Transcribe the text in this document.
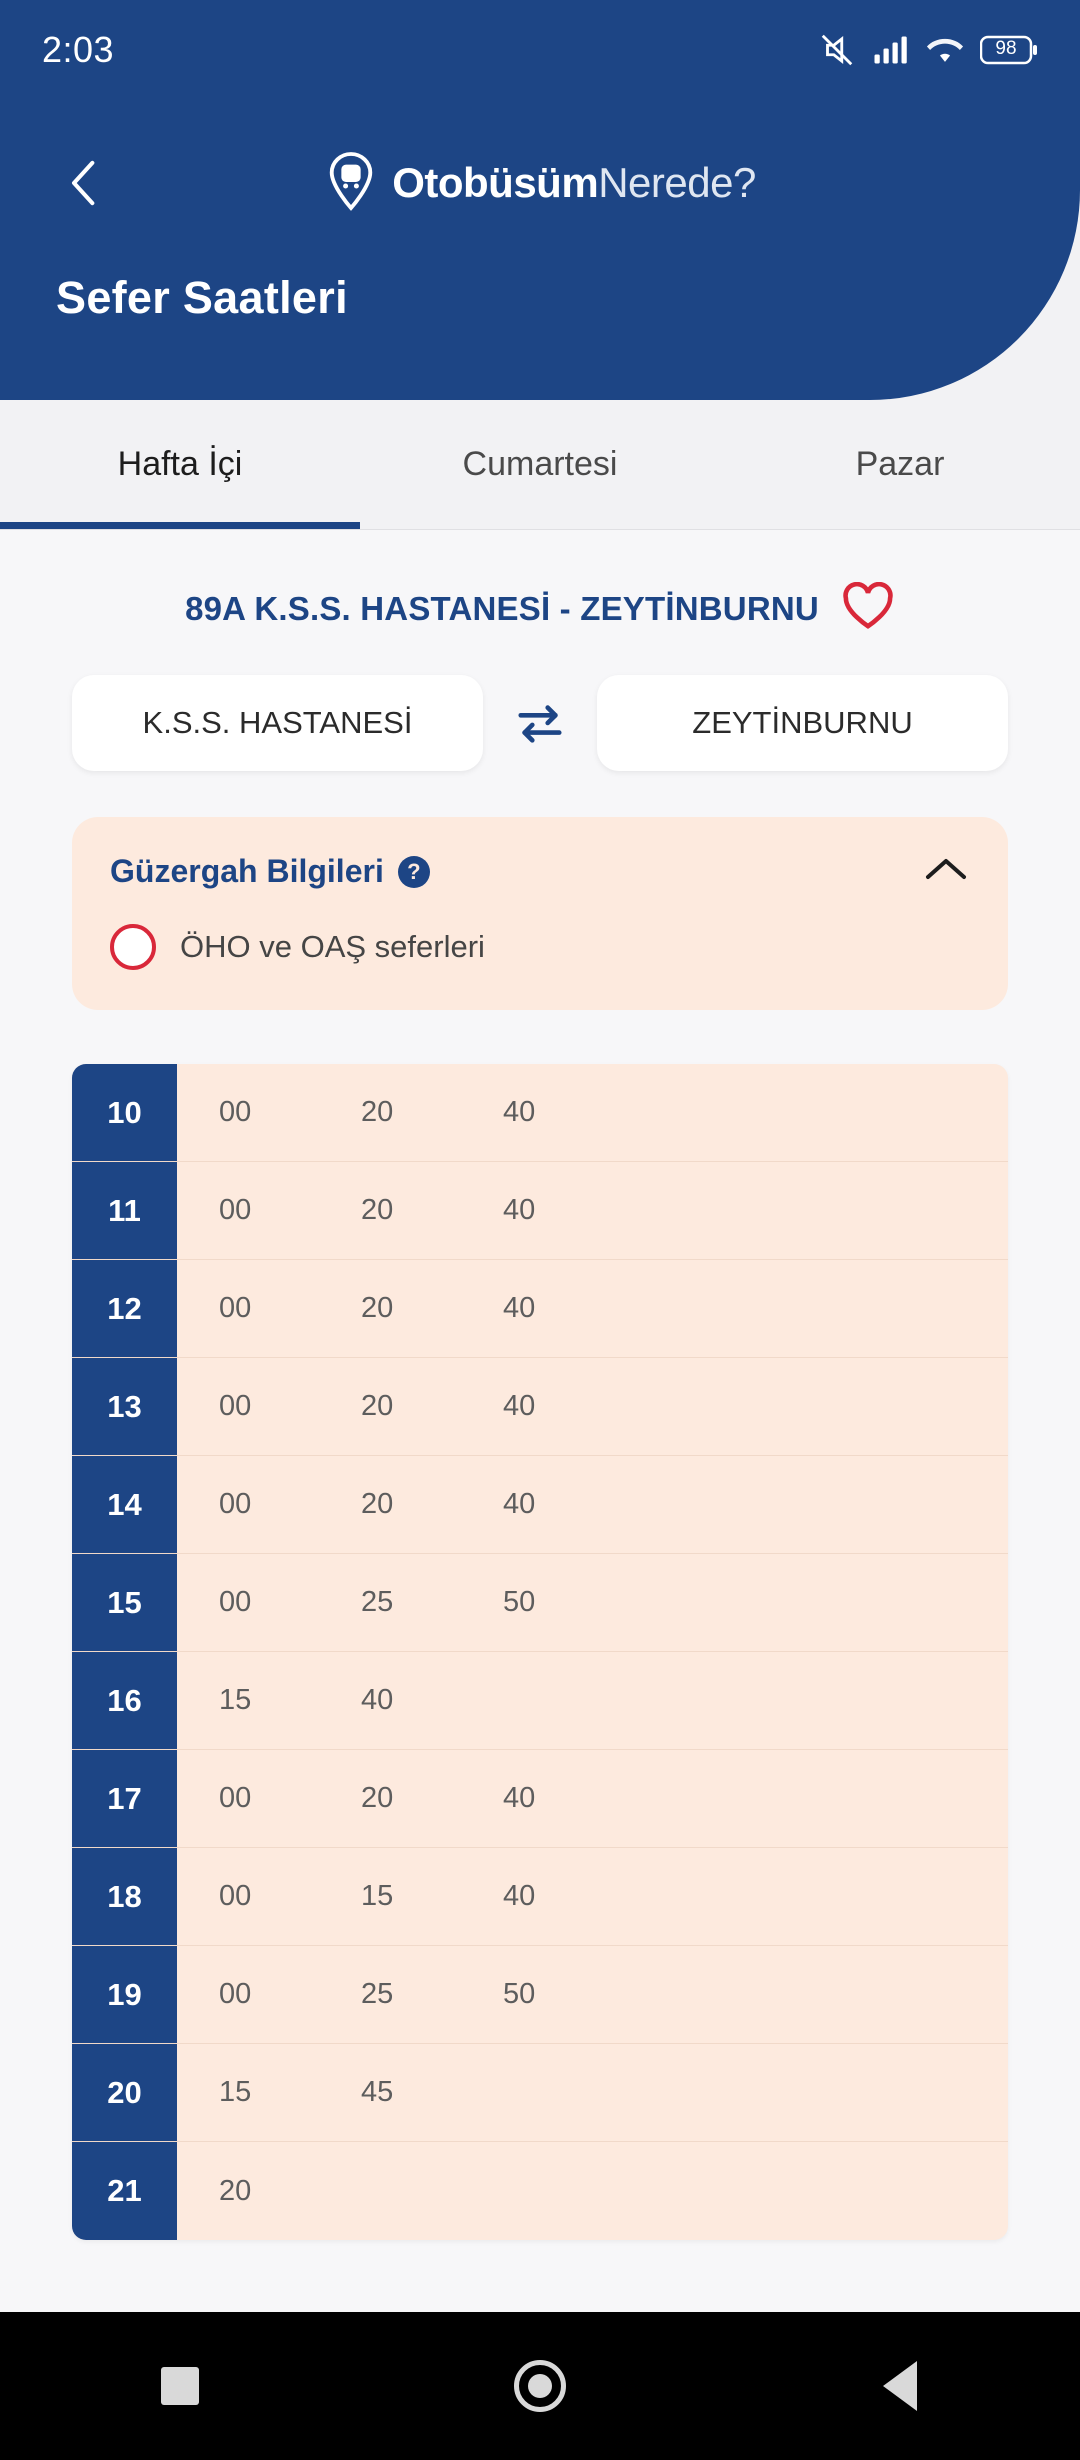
2:03	98
OtobüsümNerede?
Sefer Saatleri
Hafta İçi	Cumartesi	Pazar
89A K.S.S. HASTANESİ - ZEYTİNBURNU
K.S.S. HASTANESİ	ZEYTİNBURNU
Güzergah Bilgileri	?
ÖHO ve OAŞ seferleri
10	00	20	40
11	00	20	40
12	00	20	40
13	00	20	40
14	00	20	40
15	00	25	50
16	15	40
17	00	20	40
18	00	15	40
19	00	25	50
20	15	45
21	20
